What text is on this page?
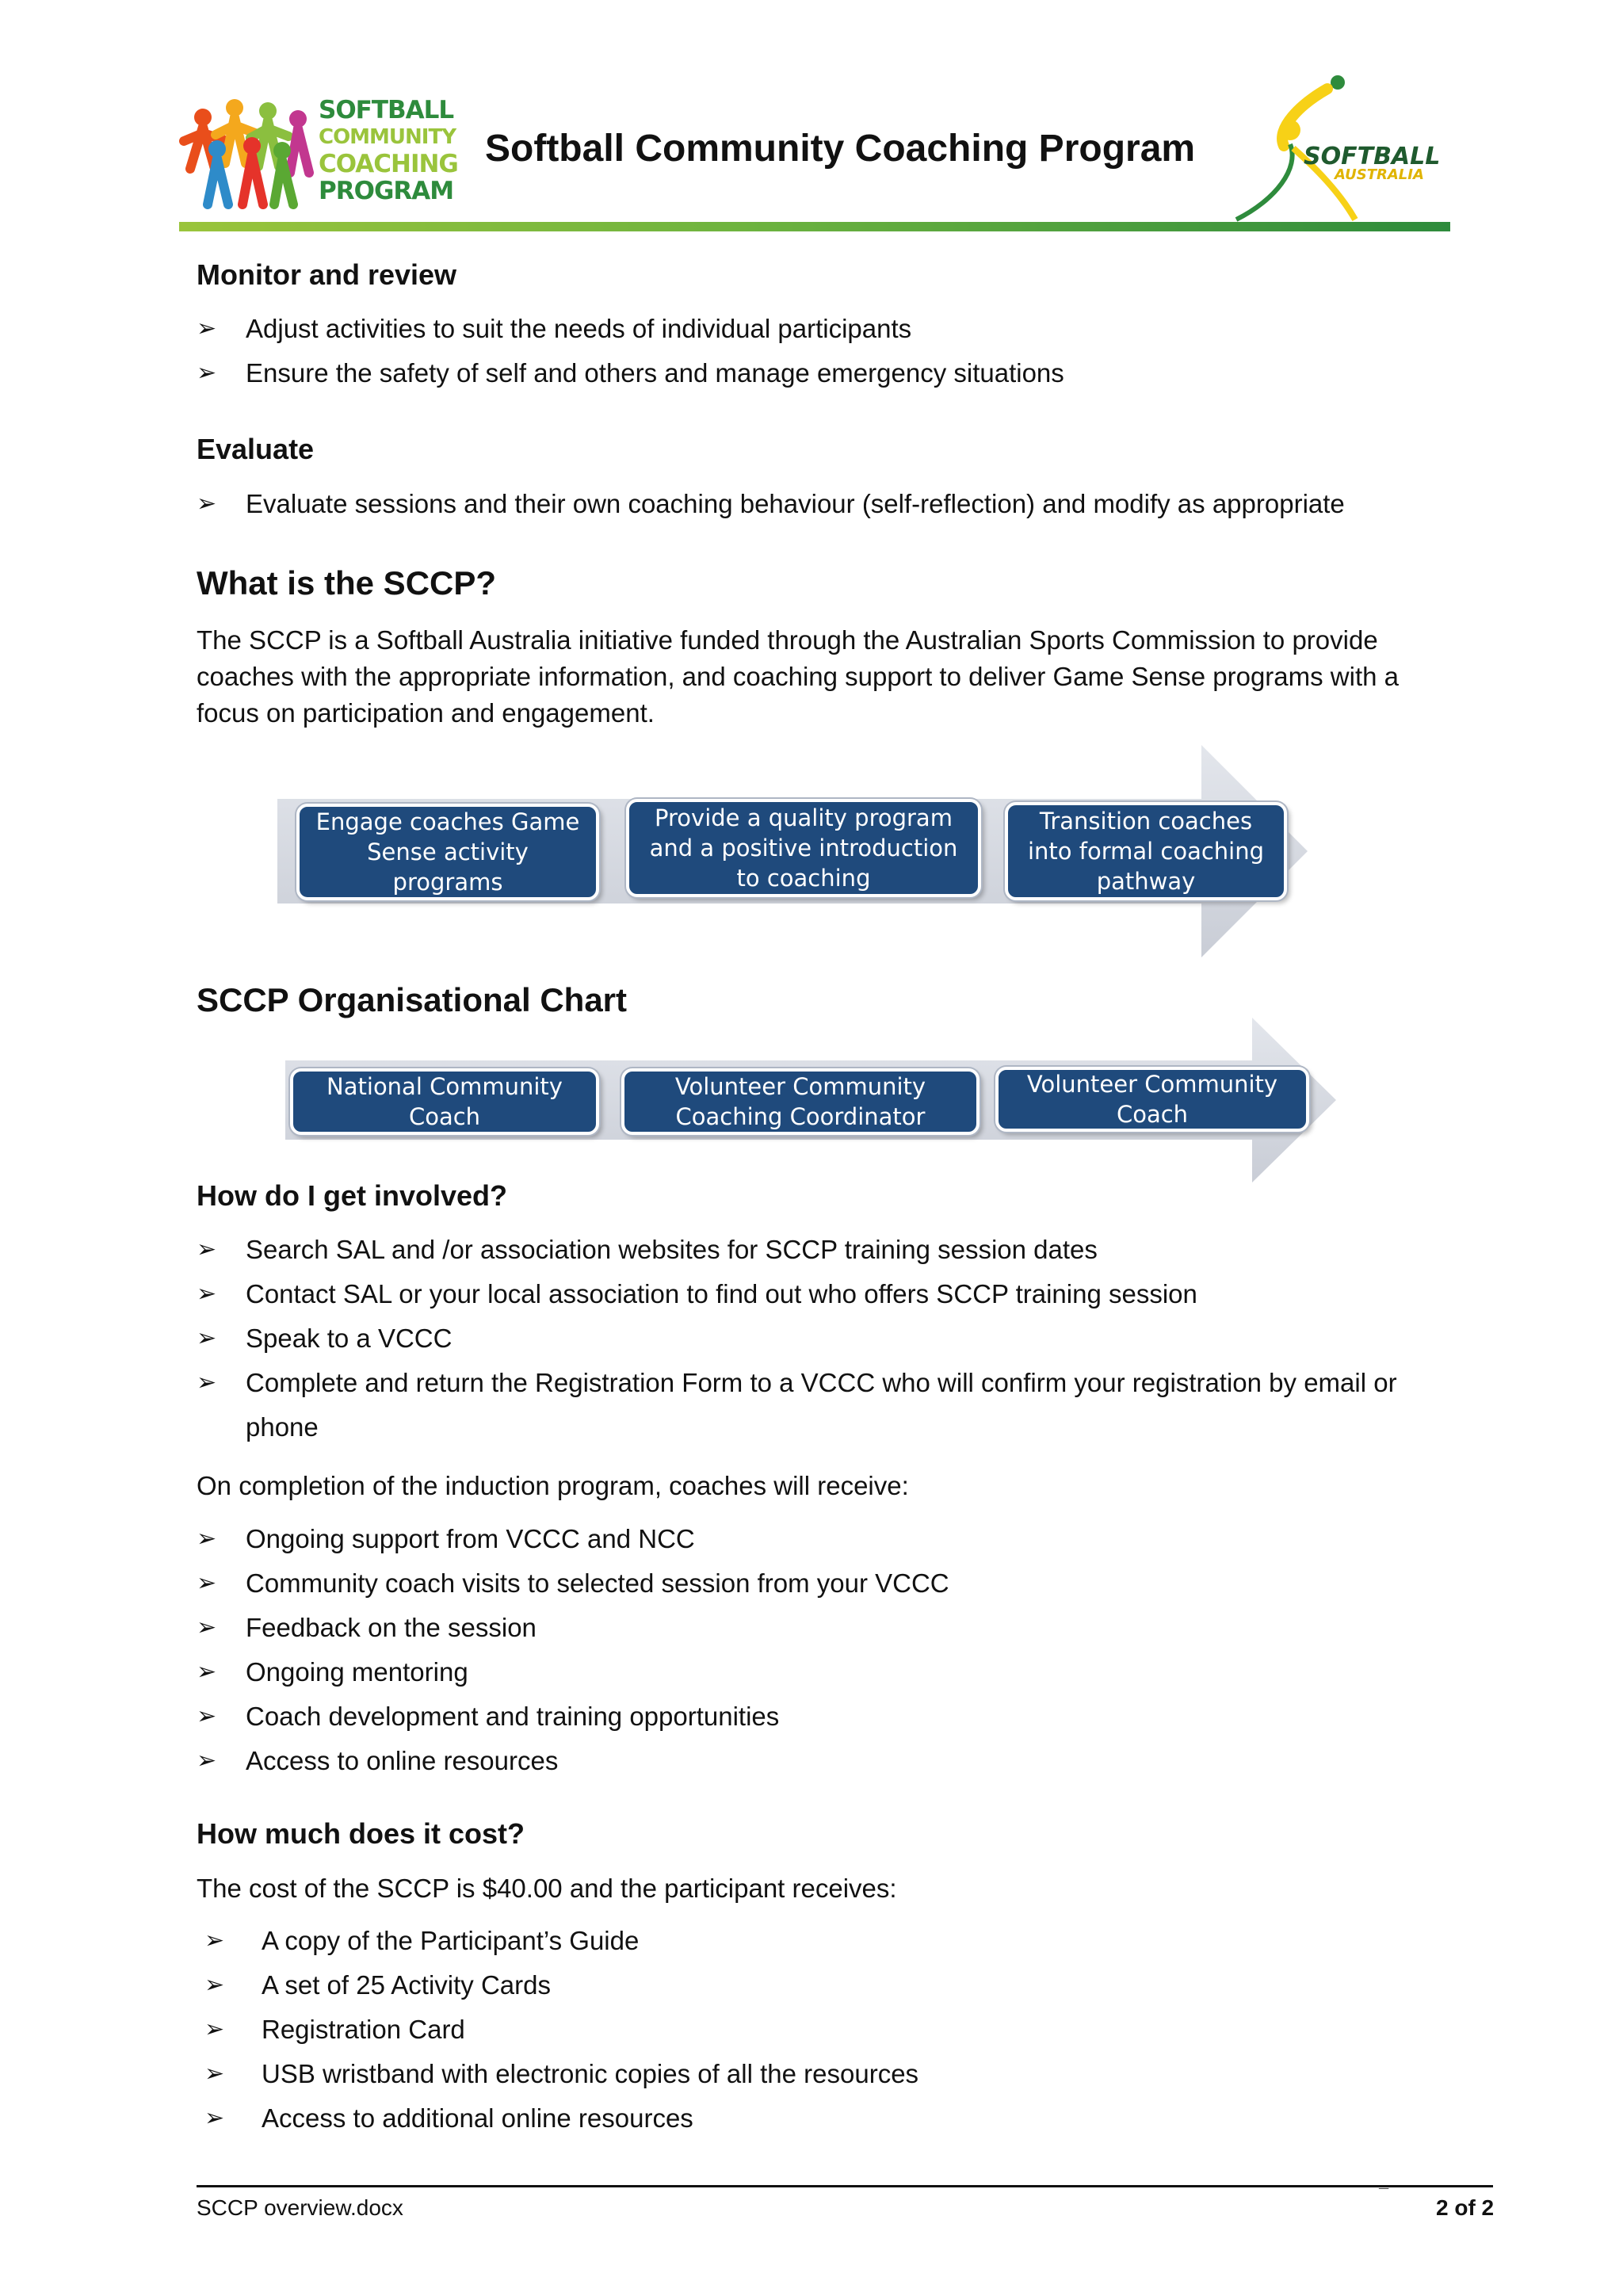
SOFTBALL
COMMUNITY
COACHING
PROGRAM
Softball Community Coaching Program	SOFTBALL
AUSTRALIA
Monitor and review
➢ Adjust activities to suit the needs of individual participants
➢ Ensure the safety of self and others and manage emergency situations
Evaluate
➢ Evaluate sessions and their own coaching behaviour (self-reflection) and modify as appropriate
What is the SCCP?
The SCCP is a Softball Australia initiative funded through the Australian Sports Commission to provide coaches with the appropriate information, and coaching support to deliver Game Sense programs with a focus on participation and engagement.
Engage coaches Game Sense activity programs
Provide a quality program and a positive introduction to coaching
Transition coaches into formal coaching pathway
SCCP Organisational Chart
National Community Coach
Volunteer Community Coaching Coordinator
Volunteer Community Coach
How do I get involved?
➢ Search SAL and /or association websites for SCCP training session dates
➢ Contact SAL or your local association to find out who offers SCCP training session
➢ Speak to a VCCC
➢ Complete and return the Registration Form to a VCCC who will confirm your registration by email or phone
On completion of the induction program, coaches will receive:
➢ Ongoing support from VCCC and NCC
➢ Community coach visits to selected session from your VCCC
➢ Feedback on the session
➢ Ongoing mentoring
➢ Coach development and training opportunities
➢ Access to online resources
How much does it cost?
The cost of the SCCP is $40.00 and the participant receives:
➢ A copy of the Participant’s Guide
➢ A set of 25 Activity Cards
➢ Registration Card
➢ USB wristband with electronic copies of all the resources
➢ Access to additional online resources
SCCP overview.docx	¯ 2 of 2
